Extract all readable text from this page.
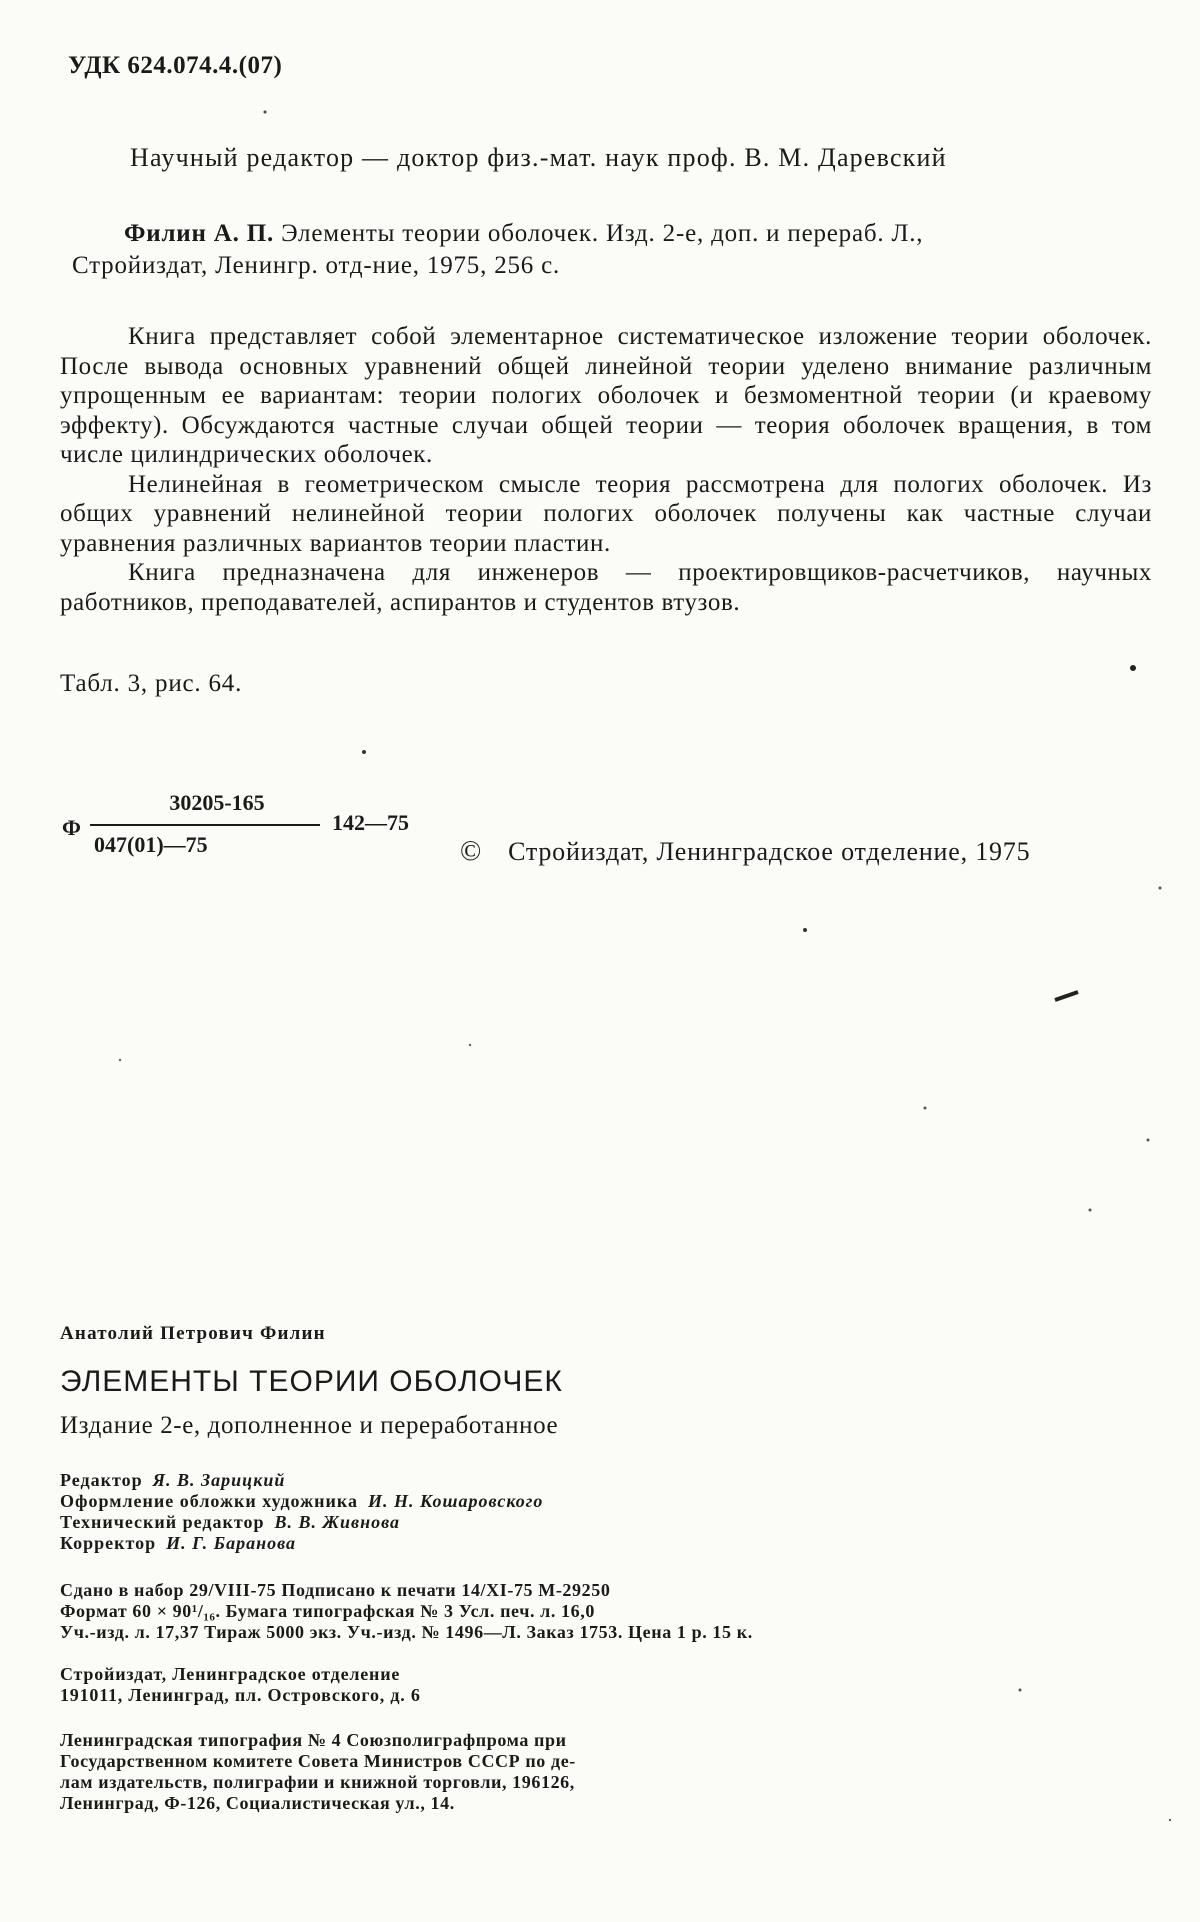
УДК 624.074.4.(07)
Научный редактор — доктор физ.-мат. наук проф. В. М. Даревский
Филин А. П. Элементы теории оболочек. Изд. 2-е, доп. и перераб. Л.,
Стройиздат, Ленингр. отд-ние, 1975, 256 с.

Книга представляет собой элементарное систематическое изложение теории оболочек. После вывода основных уравнений общей линейной теории уделено внимание различным упрощенным ее вариантам: теории пологих оболочек и безмоментной теории (и краевому эффекту). Обсуждаются частные случаи общей теории — теория оболочек вращения, в том числе цилиндрических оболочек.

Нелинейная в геометрическом смысле теория рассмотрена для пологих оболочек. Из общих уравнений нелинейной теории пологих оболочек получены как частные случаи уравнения различных вариантов теории пластин.

Книга предназначена для инженеров — проектировщиков-расчетчиков, научных работников, преподавателей, аспирантов и студентов втузов.

Табл. 3, рис. 64.
Ф
30205-165
047(01)—75
142—75
© Стройиздат, Ленинградское отделение, 1975
Анатолий Петрович Филин
ЭЛЕМЕНТЫ ТЕОРИИ ОБОЛОЧЕК
Издание 2-е, дополненное и переработанное
Редактор Я. В. Зарицкий
Оформление обложки художника И. Н. Кошаровского
Технический редактор В. В. Живнова
Корректор И. Г. Баранова
Сдано в набор 29/VIII-75 Подписано к печати 14/XI-75 М-29250
Формат 60 × 90¹/₁₆. Бумага типографская № 3 Усл. печ. л. 16,0
Уч.-изд. л. 17,37 Тираж 5000 экз. Уч.-изд. № 1496—Л. Заказ 1753. Цена 1 р. 15 к.
Стройиздат, Ленинградское отделение
191011, Ленинград, пл. Островского, д. 6
Ленинградская типография № 4 Союзполиграфпрома при
Государственном комитете Совета Министров СССР по де-
лам издательств, полиграфии и книжной торговли, 196126,
Ленинград, Ф-126, Социалистическая ул., 14.
